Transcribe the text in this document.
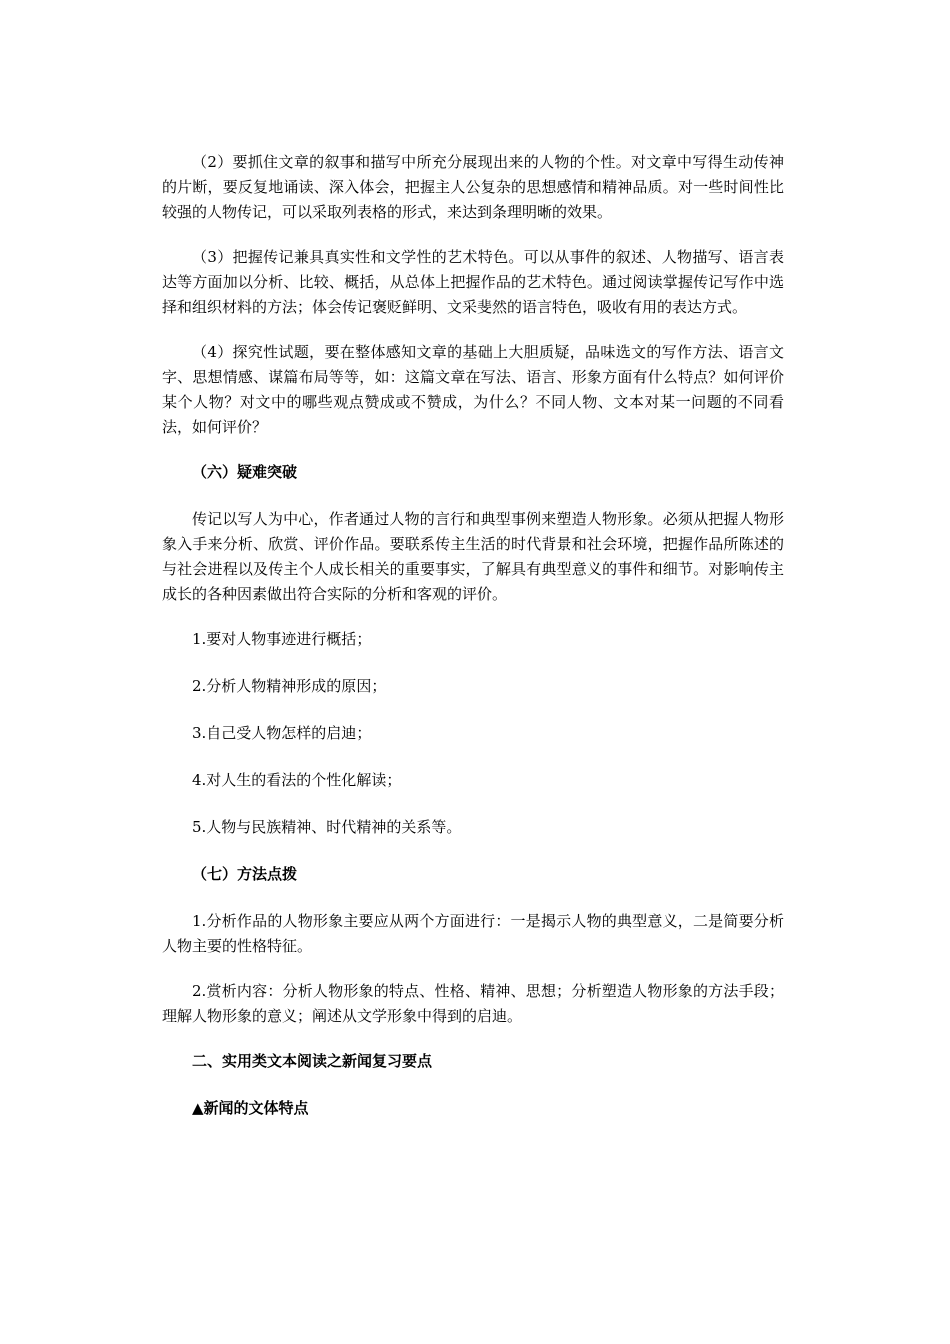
（2）要抓住文章的叙事和描写中所充分展现出来的人物的个性。对文章中写得生动传神的片断，要反复地诵读、深入体会，把握主人公复杂的思想感情和精神品质。对一些时间性比较强的人物传记，可以采取列表格的形式，来达到条理明晰的效果。

（3）把握传记兼具真实性和文学性的艺术特色。可以从事件的叙述、人物描写、语言表达等方面加以分析、比较、概括，从总体上把握作品的艺术特色。通过阅读掌握传记写作中选择和组织材料的方法；体会传记褒贬鲜明、文采斐然的语言特色，吸收有用的表达方式。

（4）探究性试题，要在整体感知文章的基础上大胆质疑，品味选文的写作方法、语言文字、思想情感、谋篇布局等等，如：这篇文章在写法、语言、形象方面有什么特点？如何评价某个人物？对文中的哪些观点赞成或不赞成，为什么？不同人物、文本对某一问题的不同看法，如何评价？

（六）疑难突破

传记以写人为中心，作者通过人物的言行和典型事例来塑造人物形象。必须从把握人物形象入手来分析、欣赏、评价作品。要联系传主生活的时代背景和社会环境，把握作品所陈述的与社会进程以及传主个人成长相关的重要事实，了解具有典型意义的事件和细节。对影响传主成长的各种因素做出符合实际的分析和客观的评价。

1.要对人物事迹进行概括；
2.分析人物精神形成的原因；
3.自己受人物怎样的启迪；
4.对人生的看法的个性化解读；
5.人物与民族精神、时代精神的关系等。
（七）方法点拨

1.分析作品的人物形象主要应从两个方面进行：一是揭示人物的典型意义，二是简要分析人物主要的性格特征。

2.赏析内容：分析人物形象的特点、性格、精神、思想；分析塑造人物形象的方法手段；理解人物形象的意义；阐述从文学形象中得到的启迪。

二、实用类文本阅读之新闻复习要点
▲新闻的文体特点
